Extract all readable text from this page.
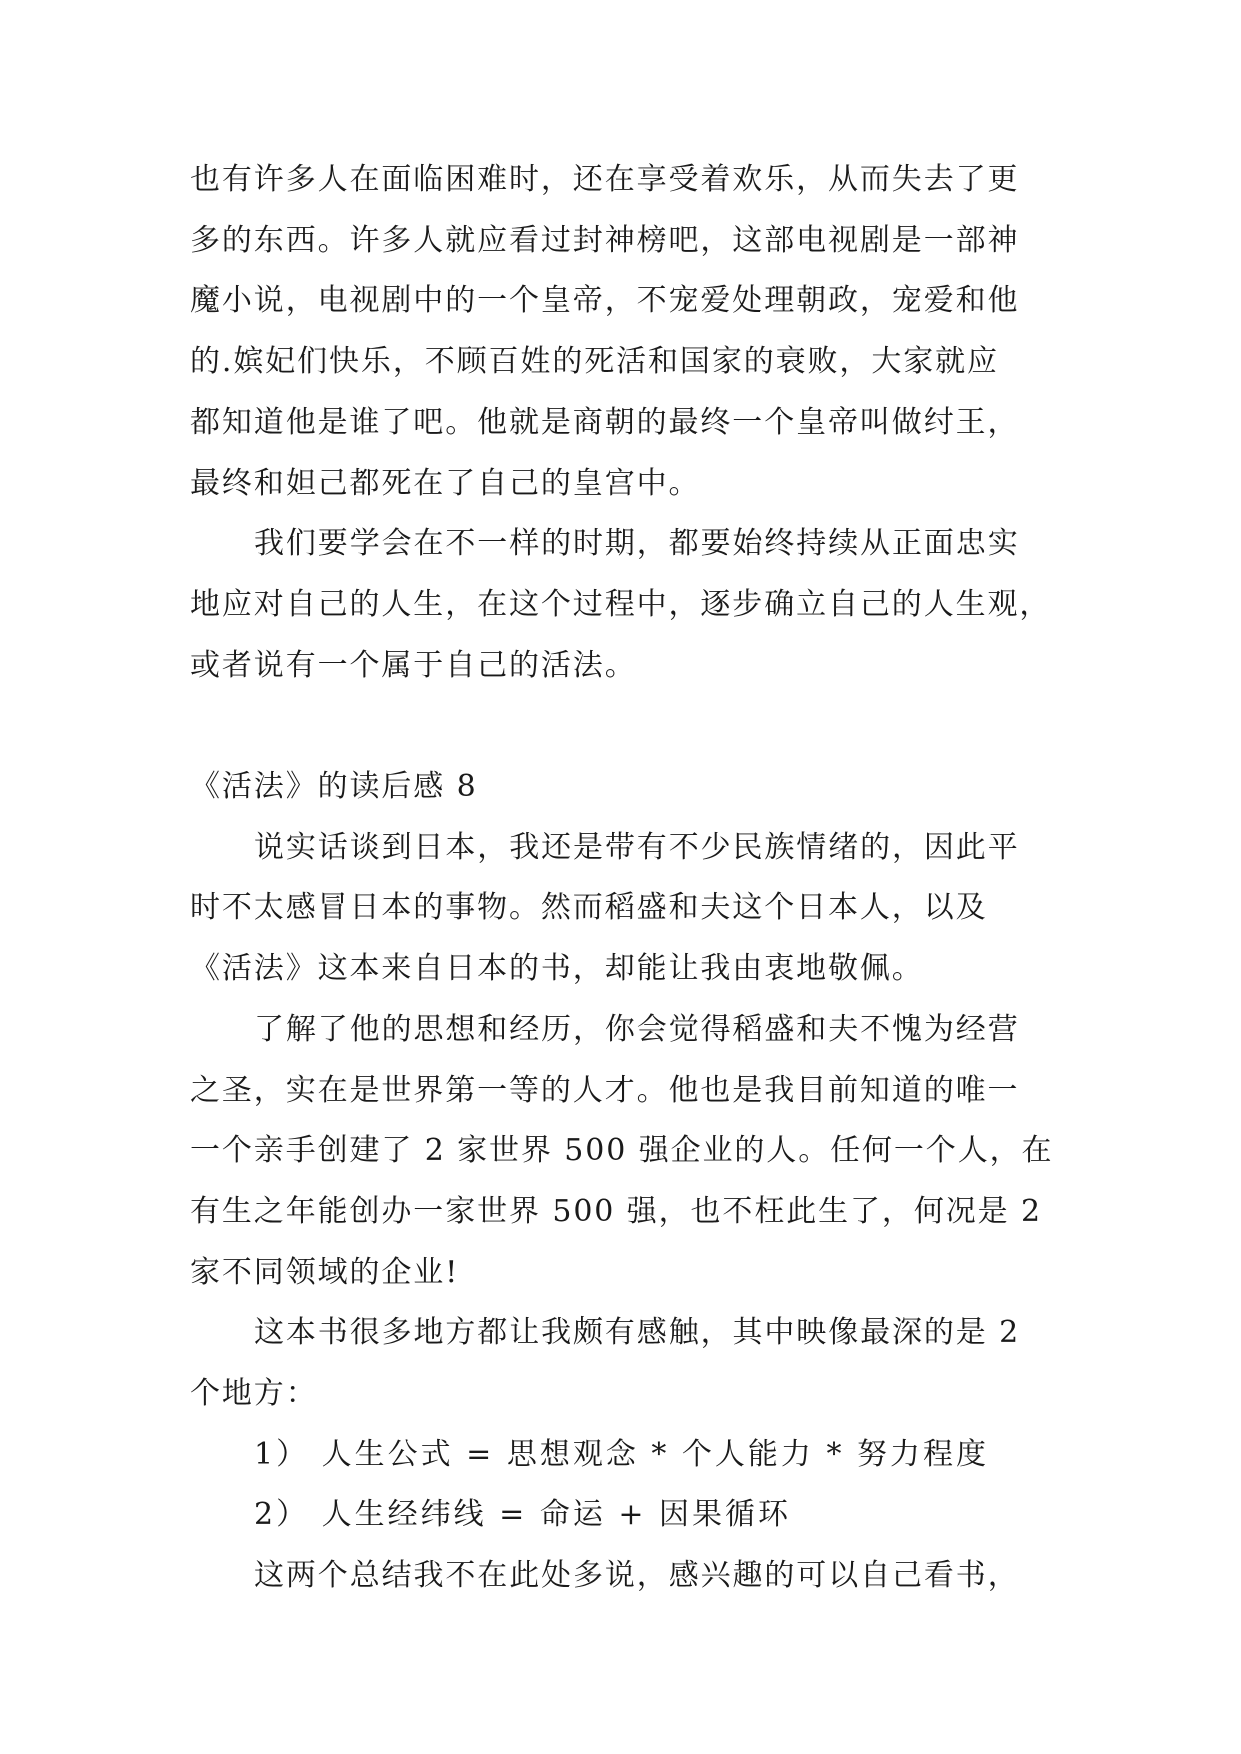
也有许多人在面临困难时，还在享受着欢乐，从而失去了更
多的东西。许多人就应看过封神榜吧，这部电视剧是一部神
魔小说，电视剧中的一个皇帝，不宠爱处理朝政，宠爱和他
的.嫔妃们快乐，不顾百姓的死活和国家的衰败，大家就应
都知道他是谁了吧。他就是商朝的最终一个皇帝叫做纣王，
最终和妲己都死在了自己的皇宫中。
我们要学会在不一样的时期，都要始终持续从正面忠实
地应对自己的人生，在这个过程中，逐步确立自己的人生观，
或者说有一个属于自己的活法。
《活法》的读后感 8
说实话谈到日本，我还是带有不少民族情绪的，因此平
时不太感冒日本的事物。然而稻盛和夫这个日本人，以及
《活法》这本来自日本的书，却能让我由衷地敬佩。
了解了他的思想和经历，你会觉得稻盛和夫不愧为经营
之圣，实在是世界第一等的人才。他也是我目前知道的唯一
一个亲手创建了 2 家世界 500 强企业的人。任何一个人，在
有生之年能创办一家世界 500 强，也不枉此生了，何况是 2
家不同领域的企业!
这本书很多地方都让我颇有感触，其中映像最深的是 2
个地方：
1） 人生公式 = 思想观念 * 个人能力 * 努力程度
2） 人生经纬线 = 命运 + 因果循环
这两个总结我不在此处多说，感兴趣的可以自己看书，
